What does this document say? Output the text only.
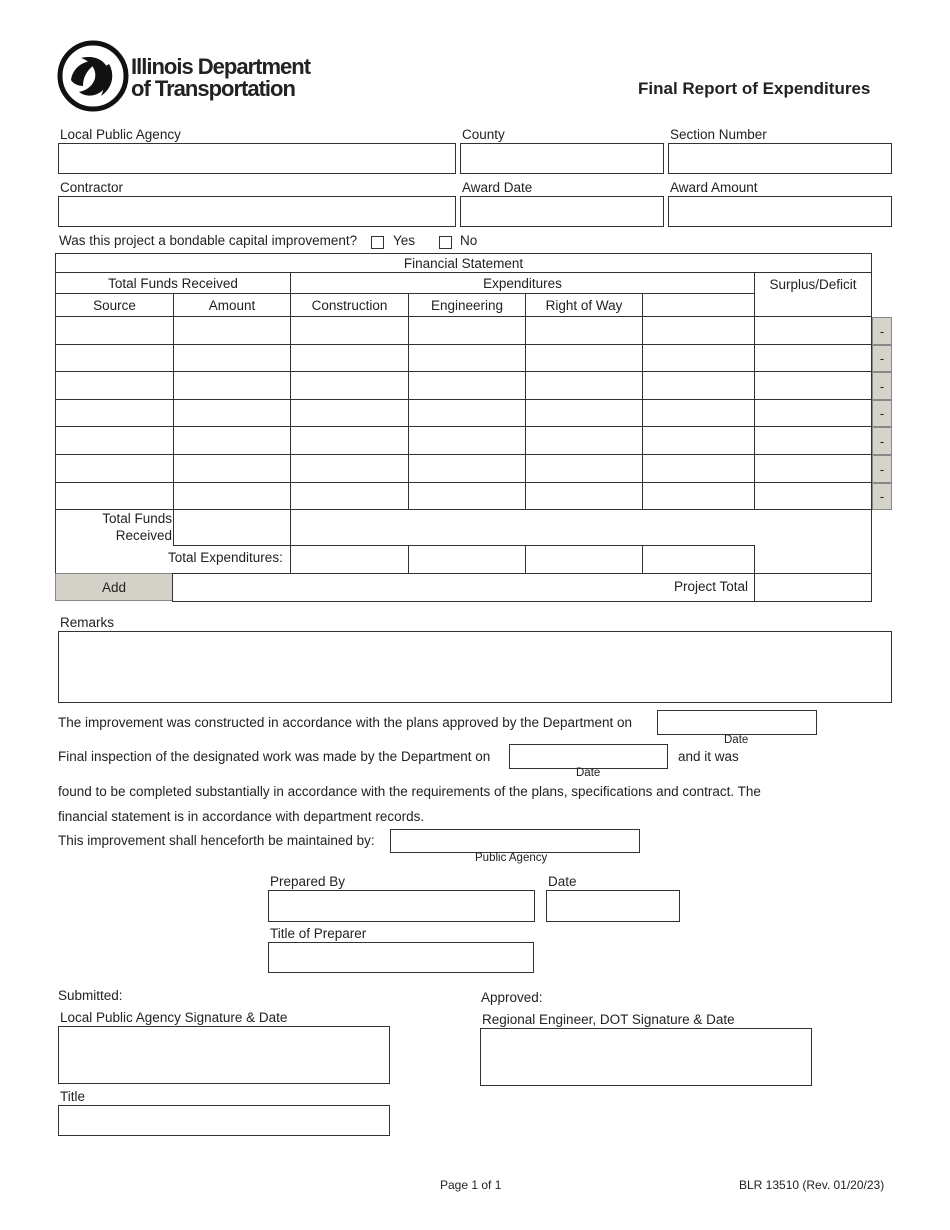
Illinois Department
of Transportation	Final Report of Expenditures
Local Public Agency	County	Section Number
Contractor	Award Date	Award Amount
Was this project a bondable capital improvement?	Yes	No
Financial Statement
Total Funds Received	Expenditures	Surplus/Deficit
Source	Amount	Construction	Engineering	Right of Way
-
-
-
-
-
-
-
Total Funds Received
Total Expenditures:
Add	Project Total
Remarks
The improvement was constructed in accordance with the plans approved by the Department on
Date
Final inspection of the designated work was made by the Department on	and it was
Date
found to be completed substantially in accordance with the requirements of the plans, specifications and contract. The
financial statement is in accordance with department records.
This improvement shall henceforth be maintained by:
Public Agency
Prepared By	Date
Title of Preparer
Submitted:
Local Public Agency Signature & Date
Title
Approved:
Regional Engineer, DOT Signature & Date
Page 1 of 1	BLR 13510 (Rev. 01/20/23)
